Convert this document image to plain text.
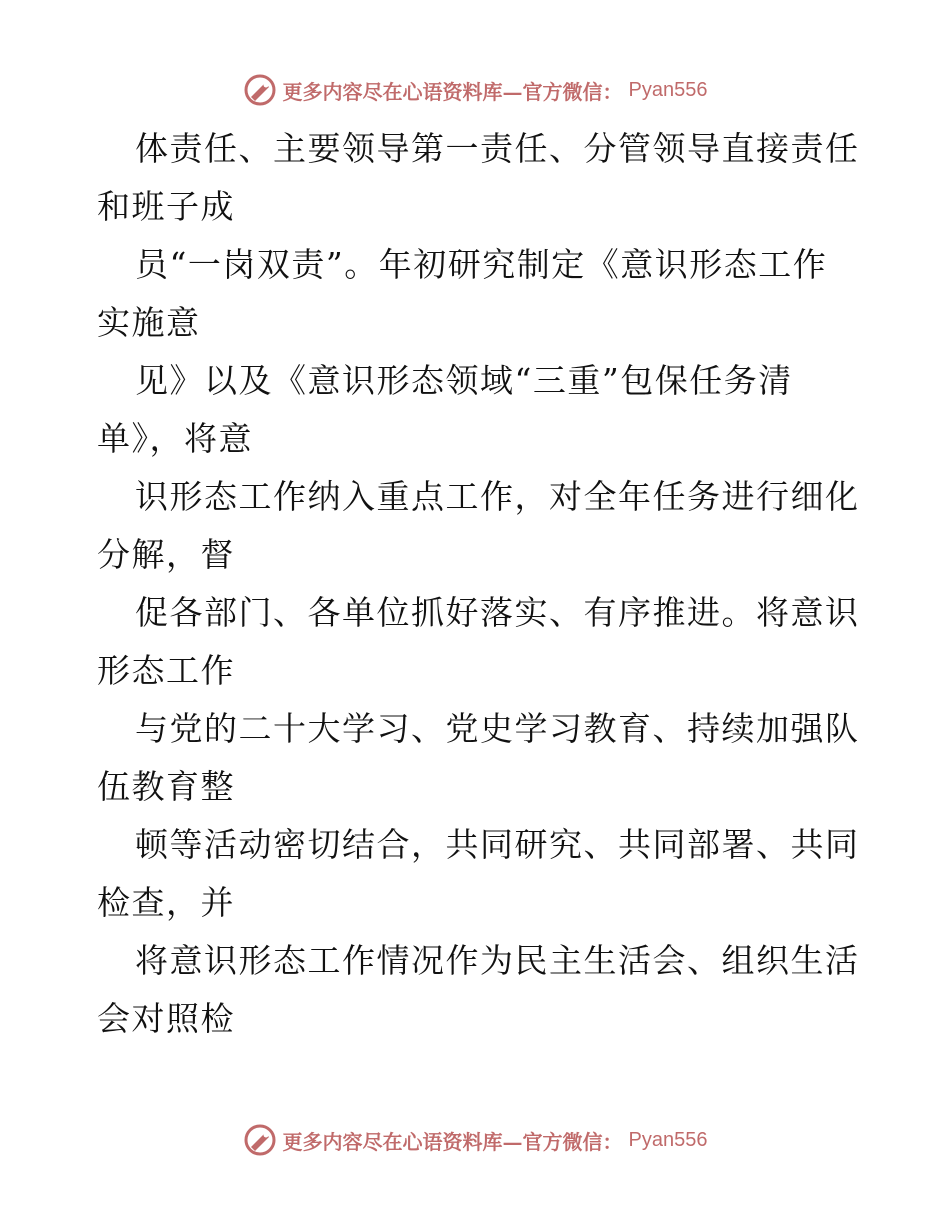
更多内容尽在心语资料库—官方微信： Pyan556
体责任、主要领导第一责任、分管领导直接责任
和班子成
员“一岗双责”。年初研究制定《意识形态工作
实施意
见》以及《意识形态领域“三重”包保任务清
单》，将意
识形态工作纳入重点工作，对全年任务进行细化
分解，督
促各部门、各单位抓好落实、有序推进。将意识
形态工作
与党的二十大学习、党史学习教育、持续加强队
伍教育整
顿等活动密切结合，共同研究、共同部署、共同
检查，并
将意识形态工作情况作为民主生活会、组织生活
会对照检
更多内容尽在心语资料库—官方微信： Pyan556
